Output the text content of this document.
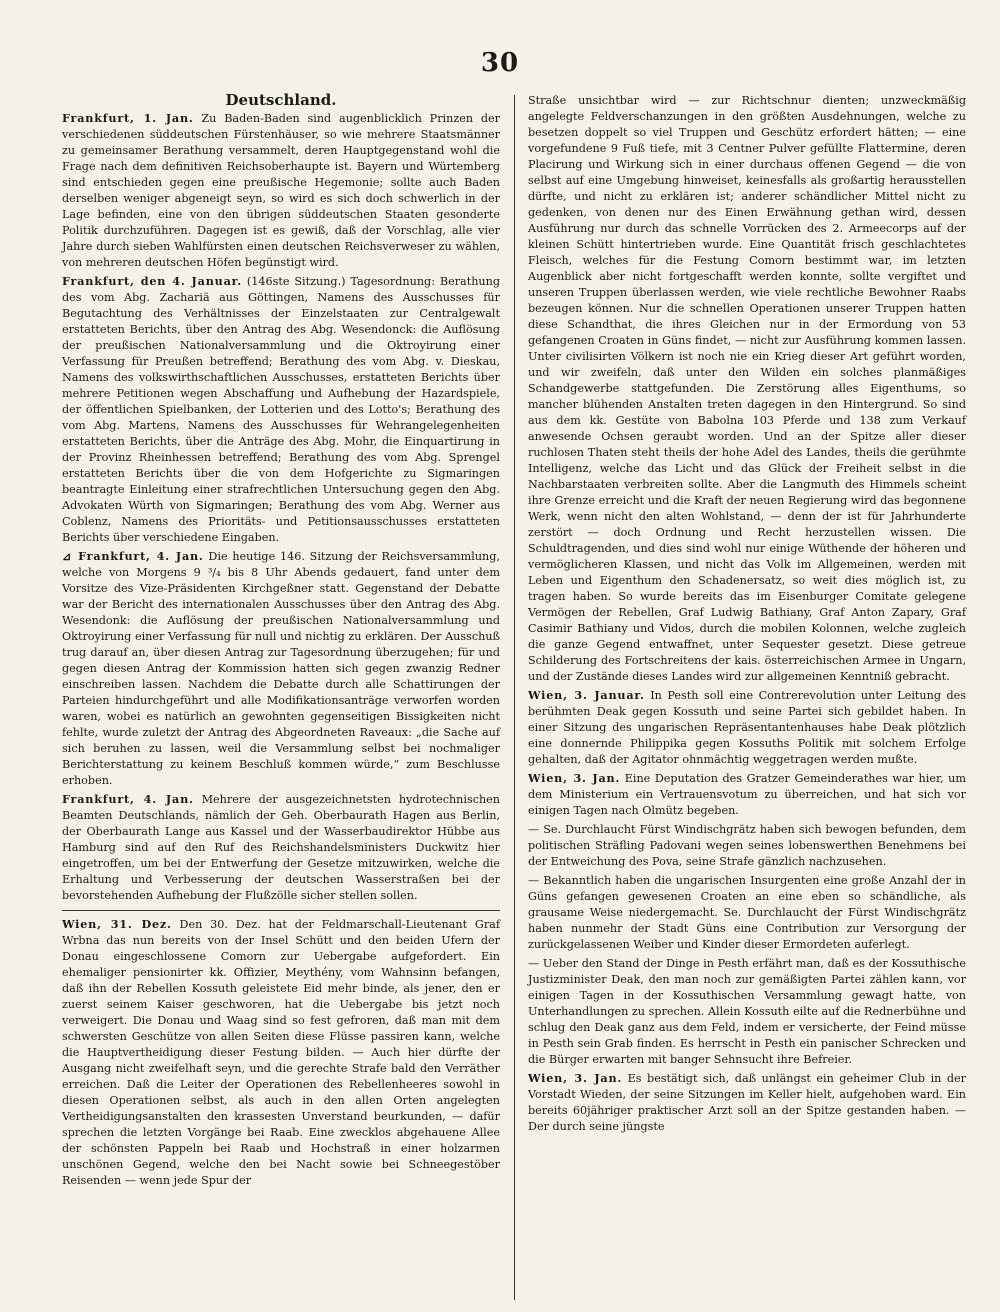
30
Deutschland.

Frankfurt, 1. Jan. Zu Baden-Baden sind augenblicklich Prinzen der verschiedenen süddeutschen Fürstenhäuser, so wie mehrere Staatsmänner zu gemeinsamer Berathung versammelt, deren Hauptgegenstand wohl die Frage nach dem definitiven Reichsoberhaupte ist. Bayern und Würtemberg sind entschieden gegen eine preußische Hegemonie; sollte auch Baden derselben weniger abgeneigt seyn, so wird es sich doch schwerlich in der Lage befinden, eine von den übrigen süddeutschen Staaten gesonderte Politik durchzuführen. Dagegen ist es gewiß, daß der Vorschlag, alle vier Jahre durch sieben Wahlfürsten einen deutschen Reichsverweser zu wählen, von mehreren deutschen Höfen begünstigt wird.

Frankfurt, den 4. Januar. (146ste Sitzung.) Tagesordnung: Berathung des vom Abg. Zachariä aus Göttingen, Namens des Ausschusses für Begutachtung des Verhältnisses der Einzelstaaten zur Centralgewalt erstatteten Berichts, über den Antrag des Abg. Wesendonck: die Auflösung der preußischen Nationalversammlung und die Oktroyirung einer Verfassung für Preußen betreffend; Berathung des vom Abg. v. Dieskau, Namens des volkswirthschaftlichen Ausschusses, erstatteten Berichts über mehrere Petitionen wegen Abschaffung und Aufhebung der Hazardspiele, der öffentlichen Spielbanken, der Lotterien und des Lotto's; Berathung des vom Abg. Martens, Namens des Ausschusses für Wehrangelegenheiten erstatteten Berichts, über die Anträge des Abg. Mohr, die Einquartirung in der Provinz Rheinhessen betreffend; Berathung des vom Abg. Sprengel erstatteten Berichts über die von dem Hofgerichte zu Sigmaringen beantragte Einleitung einer strafrechtlichen Untersuchung gegen den Abg. Advokaten Würth von Sigmaringen; Berathung des vom Abg. Werner aus Coblenz, Namens des Prioritäts- und Petitionsausschusses erstatteten Berichts über verschiedene Eingaben.

⊿ Frankfurt, 4. Jan. Die heutige 146. Sitzung der Reichsversammlung, welche von Morgens 9 ³/₄ bis 8 Uhr Abends gedauert, fand unter dem Vorsitze des Vize-Präsidenten Kirchgeßner statt. Gegenstand der Debatte war der Bericht des internationalen Ausschusses über den Antrag des Abg. Wesendonk: die Auflösung der preußischen Nationalversammlung und Oktroyirung einer Verfassung für null und nichtig zu erklären. Der Ausschuß trug darauf an, über diesen Antrag zur Tagesordnung überzugehen; für und gegen diesen Antrag der Kommission hatten sich gegen zwanzig Redner einschreiben lassen. Nachdem die Debatte durch alle Schattirungen der Parteien hindurchgeführt und alle Modifikationsanträge verworfen worden waren, wobei es natürlich an gewohnten gegenseitigen Bissigkeiten nicht fehlte, wurde zuletzt der Antrag des Abgeordneten Raveaux: „die Sache auf sich beruhen zu lassen, weil die Versammlung selbst bei nochmaliger Berichterstattung zu keinem Beschluß kommen würde,“ zum Beschlusse erhoben.

Frankfurt, 4. Jan. Mehrere der ausgezeichnetsten hydrotechnischen Beamten Deutschlands, nämlich der Geh. Oberbaurath Hagen aus Berlin, der Oberbaurath Lange aus Kassel und der Wasserbaudirektor Hübbe aus Hamburg sind auf den Ruf des Reichshandelsministers Duckwitz hier eingetroffen, um bei der Entwerfung der Gesetze mitzuwirken, welche die Erhaltung und Verbesserung der deutschen Wasserstraßen bei der bevorstehenden Aufhebung der Flußzölle sicher stellen sollen.

Wien, 31. Dez. Den 30. Dez. hat der Feldmarschall-Lieutenant Graf Wrbna das nun bereits von der Insel Schütt und den beiden Ufern der Donau eingeschlossene Comorn zur Uebergabe aufgefordert. Ein ehemaliger pensionirter kk. Offizier, Meythény, vom Wahnsinn befangen, daß ihn der Rebellen Kossuth geleistete Eid mehr binde, als jener, den er zuerst seinem Kaiser geschworen, hat die Uebergabe bis jetzt noch verweigert. Die Donau und Waag sind so fest gefroren, daß man mit dem schwersten Geschütze von allen Seiten diese Flüsse passiren kann, welche die Hauptvertheidigung dieser Festung bilden. — Auch hier dürfte der Ausgang nicht zweifelhaft seyn, und die gerechte Strafe bald den Verräther erreichen. Daß die Leiter der Operationen des Rebellenheeres sowohl in diesen Operationen selbst, als auch in den allen Orten angelegten Vertheidigungsanstalten den krassesten Unverstand beurkunden, — dafür sprechen die letzten Vorgänge bei Raab. Eine zwecklos abgehauene Allee der schönsten Pappeln bei Raab und Hochstraß in einer holzarmen unschönen Gegend, welche den bei Nacht sowie bei Schneegestöber Reisenden — wenn jede Spur der

Straße unsichtbar wird — zur Richtschnur dienten; unzweckmäßig angelegte Feldverschanzungen in den größten Ausdehnungen, welche zu besetzen doppelt so viel Truppen und Geschütz erfordert hätten; — eine vorgefundene 9 Fuß tiefe, mit 3 Centner Pulver gefüllte Flattermine, deren Placirung und Wirkung sich in einer durchaus offenen Gegend — die von selbst auf eine Umgebung hinweiset, keinesfalls als großartig herausstellen dürfte, und nicht zu erklären ist; anderer schändlicher Mittel nicht zu gedenken, von denen nur des Einen Erwähnung gethan wird, dessen Ausführung nur durch das schnelle Vorrücken des 2. Armeecorps auf der kleinen Schütt hintertrieben wurde. Eine Quantität frisch geschlachtetes Fleisch, welches für die Festung Comorn bestimmt war, im letzten Augenblick aber nicht fortgeschafft werden konnte, sollte vergiftet und unseren Truppen überlassen werden, wie viele rechtliche Bewohner Raabs bezeugen können. Nur die schnellen Operationen unserer Truppen hatten diese Schandthat, die ihres Gleichen nur in der Ermordung von 53 gefangenen Croaten in Güns findet, — nicht zur Ausführung kommen lassen. Unter civilisirten Völkern ist noch nie ein Krieg dieser Art geführt worden, und wir zweifeln, daß unter den Wilden ein solches planmäßiges Schandgewerbe stattgefunden. Die Zerstörung alles Eigenthums, so mancher blühenden Anstalten treten dagegen in den Hintergrund. So sind aus dem kk. Gestüte von Babolna 103 Pferde und 138 zum Verkauf anwesende Ochsen geraubt worden. Und an der Spitze aller dieser ruchlosen Thaten steht theils der hohe Adel des Landes, theils die gerühmte Intelligenz, welche das Licht und das Glück der Freiheit selbst in die Nachbarstaaten verbreiten sollte. Aber die Langmuth des Himmels scheint ihre Grenze erreicht und die Kraft der neuen Regierung wird das begonnene Werk, wenn nicht den alten Wohlstand, — denn der ist für Jahrhunderte zerstört — doch Ordnung und Recht herzustellen wissen. Die Schuldtragenden, und dies sind wohl nur einige Wüthende der höheren und vermöglicheren Klassen, und nicht das Volk im Allgemeinen, werden mit Leben und Eigenthum den Schadenersatz, so weit dies möglich ist, zu tragen haben. So wurde bereits das im Eisenburger Comitate gelegene Vermögen der Rebellen, Graf Ludwig Bathiany, Graf Anton Zapary, Graf Casimir Bathiany und Vidos, durch die mobilen Kolonnen, welche zugleich die ganze Gegend entwaffnet, unter Sequester gesetzt. Diese getreue Schilderung des Fortschreitens der kais. österreichischen Armee in Ungarn, und der Zustände dieses Landes wird zur allgemeinen Kenntniß gebracht.

Wien, 3. Januar. In Pesth soll eine Contrerevolution unter Leitung des berühmten Deak gegen Kossuth und seine Partei sich gebildet haben. In einer Sitzung des ungarischen Repräsentantenhauses habe Deak plötzlich eine donnernde Philippika gegen Kossuths Politik mit solchem Erfolge gehalten, daß der Agitator ohnmächtig weggetragen werden mußte.

Wien, 3. Jan. Eine Deputation des Gratzer Gemeinderathes war hier, um dem Ministerium ein Vertrauensvotum zu überreichen, und hat sich vor einigen Tagen nach Olmütz begeben.

— Se. Durchlaucht Fürst Windischgrätz haben sich bewogen befunden, dem politischen Sträfling Padovani wegen seines lobenswerthen Benehmens bei der Entweichung des Pova, seine Strafe gänzlich nachzusehen.

— Bekanntlich haben die ungarischen Insurgenten eine große Anzahl der in Güns gefangen gewesenen Croaten an eine eben so schändliche, als grausame Weise niedergemacht. Se. Durchlaucht der Fürst Windischgrätz haben nunmehr der Stadt Güns eine Contribution zur Versorgung der zurückgelassenen Weiber und Kinder dieser Ermordeten auferlegt.

— Ueber den Stand der Dinge in Pesth erfährt man, daß es der Kossuthische Justizminister Deak, den man noch zur gemäßigten Partei zählen kann, vor einigen Tagen in der Kossuthischen Versammlung gewagt hatte, von Unterhandlungen zu sprechen. Allein Kossuth eilte auf die Rednerbühne und schlug den Deak ganz aus dem Feld, indem er versicherte, der Feind müsse in Pesth sein Grab finden. Es herrscht in Pesth ein panischer Schrecken und die Bürger erwarten mit banger Sehnsucht ihre Befreier.

Wien, 3. Jan. Es bestätigt sich, daß unlängst ein geheimer Club in der Vorstadt Wieden, der seine Sitzungen im Keller hielt, aufgehoben ward. Ein bereits 60jähriger praktischer Arzt soll an der Spitze gestanden haben. — Der durch seine jüngste
